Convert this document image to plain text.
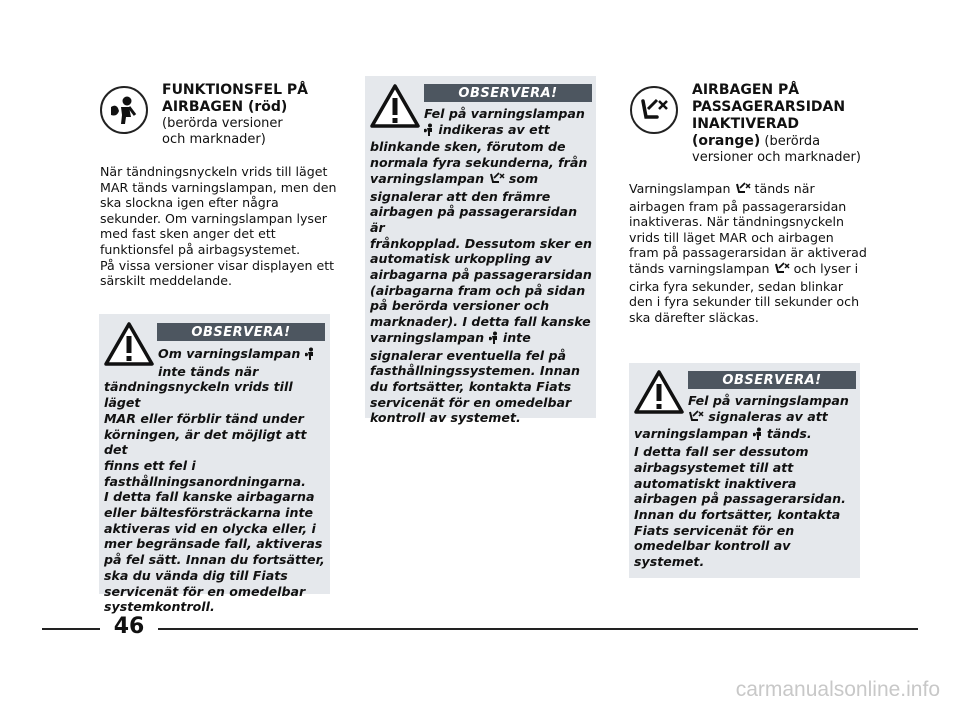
FUNKTIONSFEL PÅ
AIRBAGEN (röd)
(berörda versioner
och marknader)
När tändningsnyckeln vrids till läget
MAR tänds varningslampan, men den
ska slockna igen efter några
sekunder. Om varningslampan lyser
med fast sken anger det ett
funktionsfel på airbagsystemet.
På vissa versioner visar displayen ett
särskilt meddelande.
OBSERVERA!
Om varningslampan
inte tänds när
tändningsnyckeln vrids till läget
MAR eller förblir tänd under
körningen, är det möjligt att det
finns ett fel i
fasthållningsanordningarna.
I detta fall kanske airbagarna
eller bältesförsträckarna inte
aktiveras vid en olycka eller, i
mer begränsade fall, aktiveras
på fel sätt. Innan du fortsätter,
ska du vända dig till Fiats
servicenät för en omedelbar
systemkontroll.
OBSERVERA!
Fel på varningslampan
indikeras av ett
blinkande sken, förutom de
normala fyra sekunderna, från
varningslampan som
signalerar att den främre
airbagen på passagerarsidan är
frånkopplad. Dessutom sker en
automatisk urkoppling av
airbagarna på passagerarsidan
(airbagarna fram och på sidan
på berörda versioner och
marknader). I detta fall kanske
varningslampan inte
signalerar eventuella fel på
fasthållningssystemen. Innan
du fortsätter, kontakta Fiats
servicenät för en omedelbar
kontroll av systemet.
AIRBAGEN PÅ
PASSAGERARSIDAN
INAKTIVERAD
(orange) (berörda
versioner och marknader)
Varningslampan tänds när
airbagen fram på passagerarsidan
inaktiveras. När tändningsnyckeln
vrids till läget MAR och airbagen
fram på passagerarsidan är aktiverad
tänds varningslampan och lyser i
cirka fyra sekunder, sedan blinkar
den i fyra sekunder till sekunder och
ska därefter släckas.
OBSERVERA!
Fel på varningslampan
signaleras av att
varningslampan tänds.
I detta fall ser dessutom
airbagsystemet till att
automatiskt inaktivera
airbagen på passagerarsidan.
Innan du fortsätter, kontakta
Fiats servicenät för en
omedelbar kontroll av
systemet.
46
carmanualsonline.info
